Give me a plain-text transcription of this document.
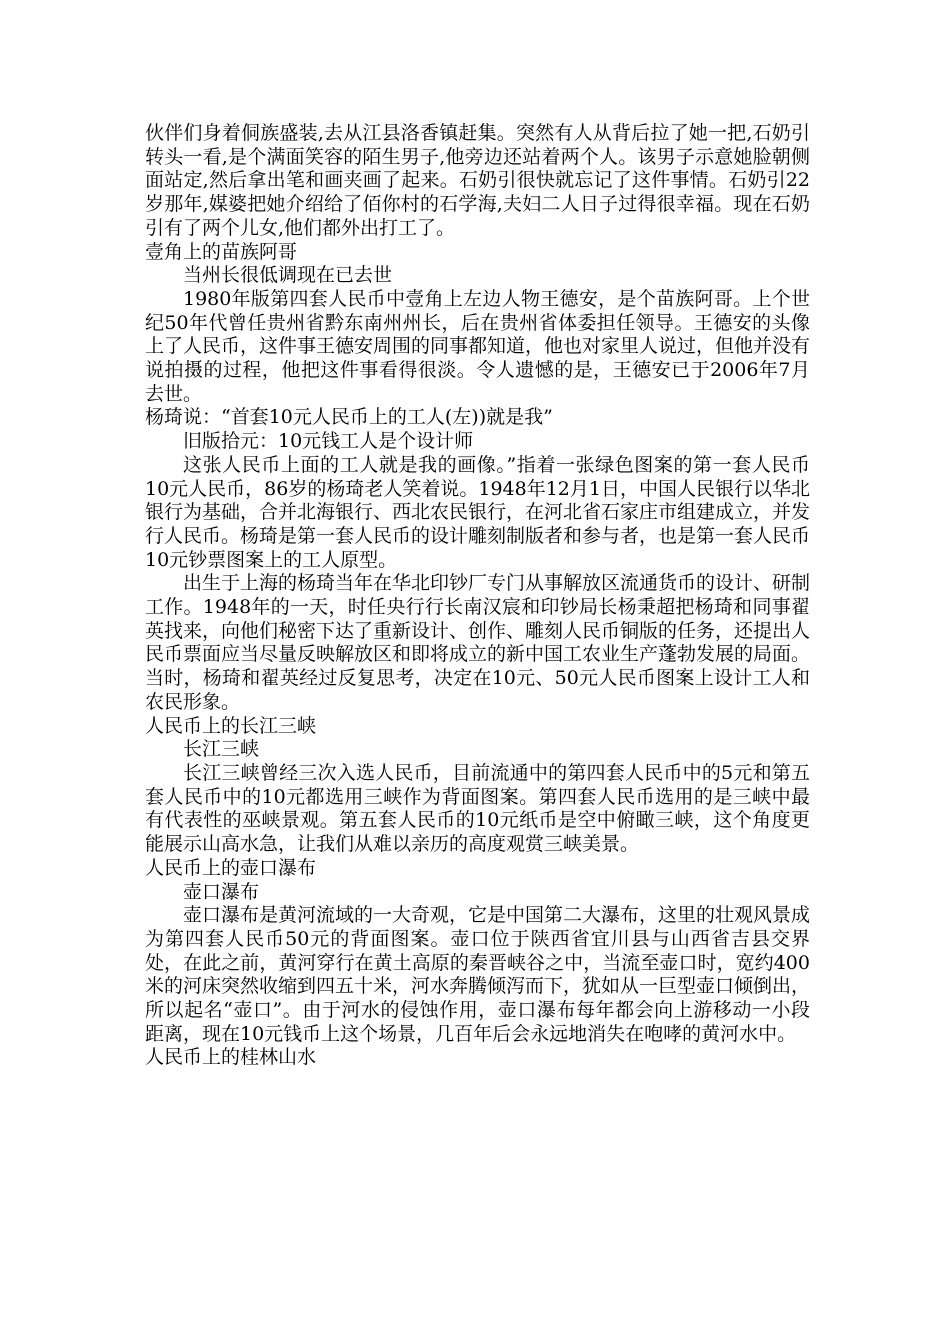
伙伴们身着侗族盛装,去从江县洛香镇赶集。突然有人从背后拉了她一把,石奶引转头一看,是个满面笑容的陌生男子,他旁边还站着两个人。该男子示意她脸朝侧面站定,然后拿出笔和画夹画了起来。石奶引很快就忘记了这件事情。石奶引22岁那年,媒婆把她介绍给了佰你村的石学海,夫妇二人日子过得很幸福。现在石奶引有了两个儿女,他们都外出打工了。

壹角上的苗族阿哥

当州长很低调现在已去世

1980年版第四套人民币中壹角上左边人物王德安，是个苗族阿哥。上个世纪50年代曾任贵州省黔东南州州长，后在贵州省体委担任领导。王德安的头像上了人民币，这件事王德安周围的同事都知道，他也对家里人说过，但他并没有说拍摄的过程，他把这件事看得很淡。令人遗憾的是，王德安已于2006年7月去世。

杨琦说：“首套10元人民币上的工人(左))就是我”

旧版拾元：10元钱工人是个设计师

这张人民币上面的工人就是我的画像。”指着一张绿色图案的第一套人民币10元人民币，86岁的杨琦老人笑着说。1948年12月1日，中国人民银行以华北银行为基础，合并北海银行、西北农民银行，在河北省石家庄市组建成立，并发行人民币。杨琦是第一套人民币的设计雕刻制版者和参与者，也是第一套人民币10元钞票图案上的工人原型。

出生于上海的杨琦当年在华北印钞厂专门从事解放区流通货币的设计、研制工作。1948年的一天，时任央行行长南汉宸和印钞局长杨秉超把杨琦和同事翟英找来，向他们秘密下达了重新设计、创作、雕刻人民币铜版的任务，还提出人民币票面应当尽量反映解放区和即将成立的新中国工农业生产蓬勃发展的局面。当时，杨琦和翟英经过反复思考，决定在10元、50元人民币图案上设计工人和农民形象。

人民币上的长江三峡

长江三峡

长江三峡曾经三次入选人民币，目前流通中的第四套人民币中的5元和第五套人民币中的10元都选用三峡作为背面图案。第四套人民币选用的是三峡中最有代表性的巫峡景观。第五套人民币的10元纸币是空中俯瞰三峡，这个角度更能展示山高水急，让我们从难以亲历的高度观赏三峡美景。

人民币上的壶口瀑布

壶口瀑布

壶口瀑布是黄河流域的一大奇观，它是中国第二大瀑布，这里的壮观风景成为第四套人民币50元的背面图案。壶口位于陕西省宜川县与山西省吉县交界处，在此之前，黄河穿行在黄土高原的秦晋峡谷之中，当流至壶口时，宽约400米的河床突然收缩到四五十米，河水奔腾倾泻而下，犹如从一巨型壶口倾倒出，所以起名“壶口”。由于河水的侵蚀作用，壶口瀑布每年都会向上游移动一小段距离，现在10元钱币上这个场景，几百年后会永远地消失在咆哮的黄河水中。

人民币上的桂林山水
